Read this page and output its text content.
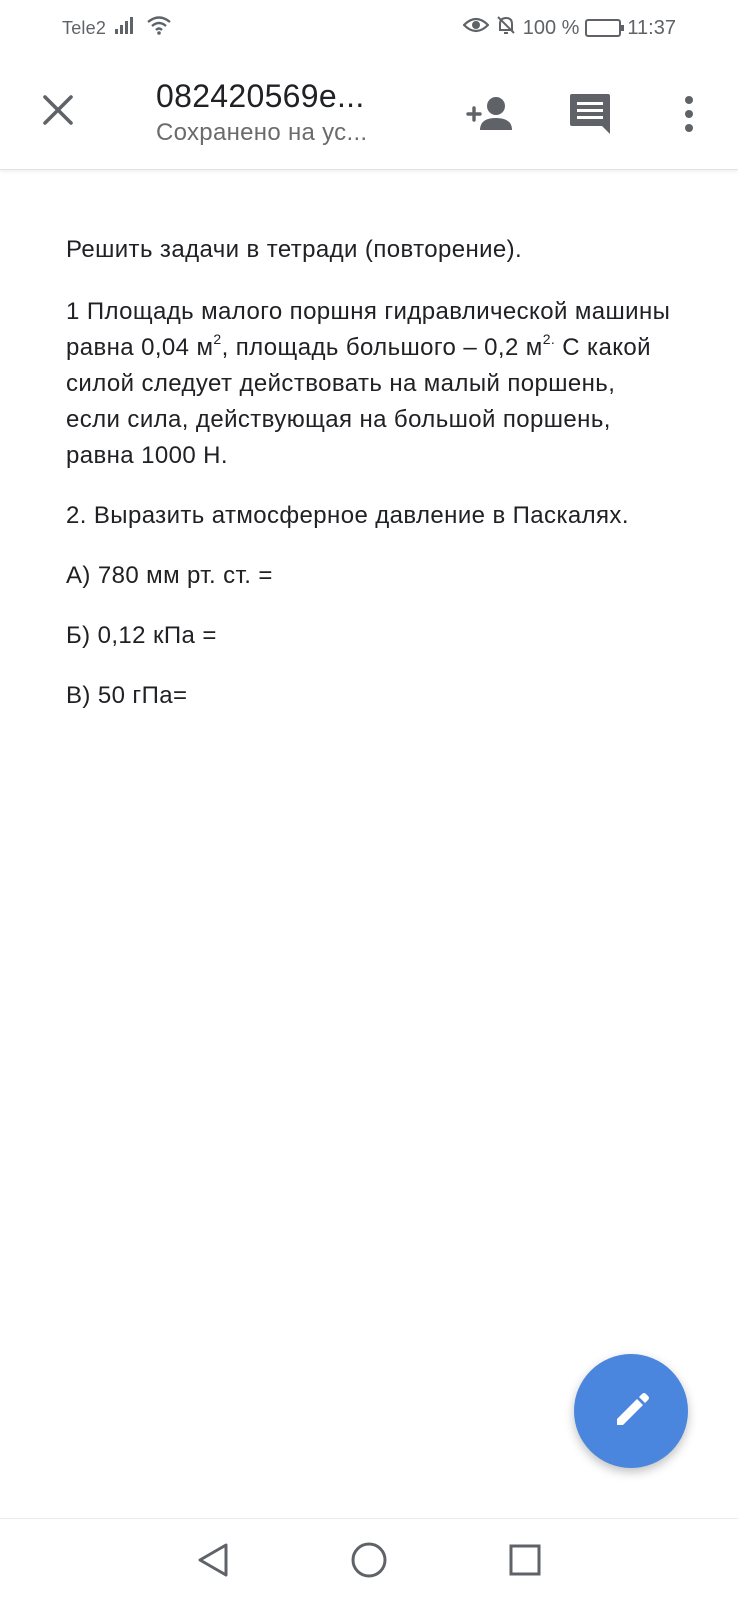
Tele2	100 % 11:37
082420569e...
Сохранено на ус...

Решить задачи в тетради (повторение).

1 Площадь малого поршня гидравлической машины равна 0,04 $м^2$, площадь большого – 0,2 $м^{2.}$ С какой силой следует действовать на малый поршень, если сила, действующая на большой поршень, равна 1000 Н.

2. Выразить атмосферное давление в Паскалях.

А) 780 мм рт. ст. =

Б) 0,12 кПа =

В) 50 гПа=
